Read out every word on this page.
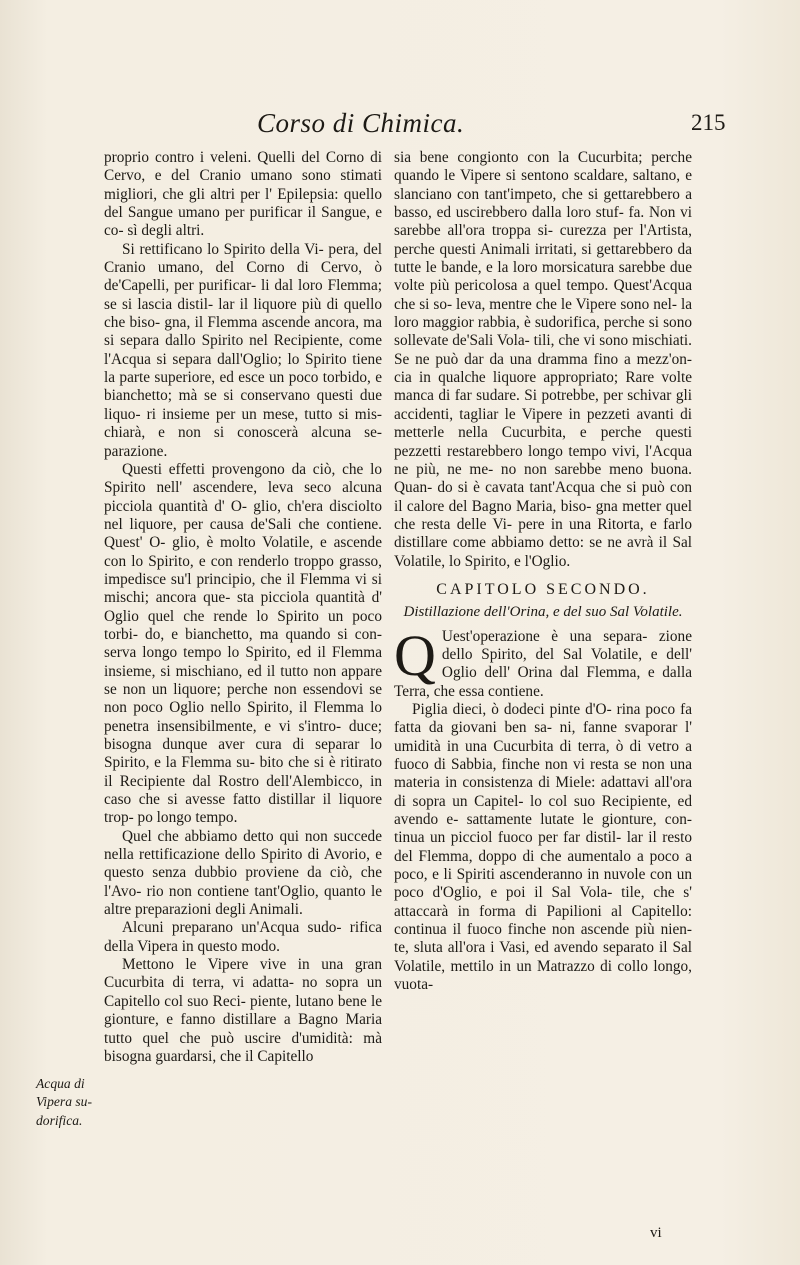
Corso di Chimica.	215

proprio contro i veleni. Quelli del Corno di Cervo, e del Cranio umano sono stimati migliori, che gli altri per l' Epilepsia: quello del Sangue umano per purificar il Sangue, e co- sì degli altri.

Si rettificano lo Spirito della Vi- pera, del Cranio umano, del Corno di Cervo, ò de'Capelli, per purificar- li dal loro Flemma; se si lascia distil- lar il liquore più di quello che biso- gna, il Flemma ascende ancora, ma si separa dallo Spirito nel Recipiente, come l'Acqua si separa dall'Oglio; lo Spirito tiene la parte superiore, ed esce un poco torbido, e bianchetto; mà se si conservano questi due liquo- ri insieme per un mese, tutto si mis- chiarà, e non si conoscerà alcuna se- parazione.

Questi effetti provengono da ciò, che lo Spirito nell' ascendere, leva seco alcuna picciola quantità d' O- glio, ch'era disciolto nel liquore, per causa de'Sali che contiene. Quest' O- glio, è molto Volatile, e ascende con lo Spirito, e con renderlo troppo grasso, impedisce su'l principio, che il Flemma vi si mischi; ancora que- sta picciola quantità d' Oglio quel che rende lo Spirito un poco torbi- do, e bianchetto, ma quando si con- serva longo tempo lo Spirito, ed il Flemma insieme, si mischiano, ed il tutto non appare se non un liquore; perche non essendovi se non poco Oglio nello Spirito, il Flemma lo penetra insensibilmente, e vi s'intro- duce; bisogna dunque aver cura di separar lo Spirito, e la Flemma su- bito che si è ritirato il Recipiente dal Rostro dell'Alembicco, in caso che si avesse fatto distillar il liquore trop- po longo tempo.

Quel che abbiamo detto qui non succede nella rettificazione dello Spirito di Avorio, e questo senza dubbio proviene da ciò, che l'Avo- rio non contiene tant'Oglio, quanto le altre preparazioni degli Animali.

Alcuni preparano un'Acqua sudo- rifica della Vipera in questo modo.

Mettono le Vipere vive in una gran Cucurbita di terra, vi adatta- no sopra un Capitello col suo Reci- piente, lutano bene le gionture, e fanno distillare a Bagno Maria tutto quel che può uscire d'umidità: mà bisogna guardarsi, che il Capitello

Acqua di
Vipera su-
dorifica.

sia bene congionto con la Cucurbita; perche quando le Vipere si sentono scaldare, saltano, e slanciano con tant'impeto, che si gettarebbero a basso, ed uscirebbero dalla loro stuf- fa. Non vi sarebbe all'ora troppa si- curezza per l'Artista, perche questi Animali irritati, si gettarebbero da tutte le bande, e la loro morsicatura sarebbe due volte più pericolosa a quel tempo. Quest'Acqua che si so- leva, mentre che le Vipere sono nel- la loro maggior rabbia, è sudorifica, perche si sono sollevate de'Sali Vola- tili, che vi sono mischiati. Se ne può dar da una dramma fino a mezz'on- cia in qualche liquore appropriato; Rare volte manca di far sudare. Si potrebbe, per schivar gli accidenti, tagliar le Vipere in pezzeti avanti di metterle nella Cucurbita, e perche questi pezzetti restarebbero longo tempo vivi, l'Acqua ne più, ne me- no non sarebbe meno buona. Quan- do si è cavata tant'Acqua che si può con il calore del Bagno Maria, biso- gna metter quel che resta delle Vi- pere in una Ritorta, e farlo distillare come abbiamo detto: se ne avrà il Sal Volatile, lo Spirito, e l'Oglio.

CAPITOLO SECONDO.
Distillazione dell'Orina, e del suo Sal Volatile.

Q Uest'operazione è una separa- zione dello Spirito, del Sal Volatile, e dell' Oglio dell' Orina dal Flemma, e dalla Terra, che essa contiene.

Piglia dieci, ò dodeci pinte d'O- rina poco fa fatta da giovani ben sa- ni, fanne svaporar l' umidità in una Cucurbita di terra, ò di vetro a fuoco di Sabbia, finche non vi resta se non una materia in consistenza di Miele: adattavi all'ora di sopra un Capitel- lo col suo Recipiente, ed avendo e- sattamente lutate le gionture, con- tinua un picciol fuoco per far distil- lar il resto del Flemma, doppo di che aumentalo a poco a poco, e li Spiriti ascenderanno in nuvole con un poco d'Oglio, e poi il Sal Vola- tile, che s' attaccarà in forma di Papilioni al Capitello: continua il fuoco finche non ascende più nien- te, sluta all'ora i Vasi, ed avendo separato il Sal Volatile, mettilo in un Matrazzo di collo longo, vuota-

vi
